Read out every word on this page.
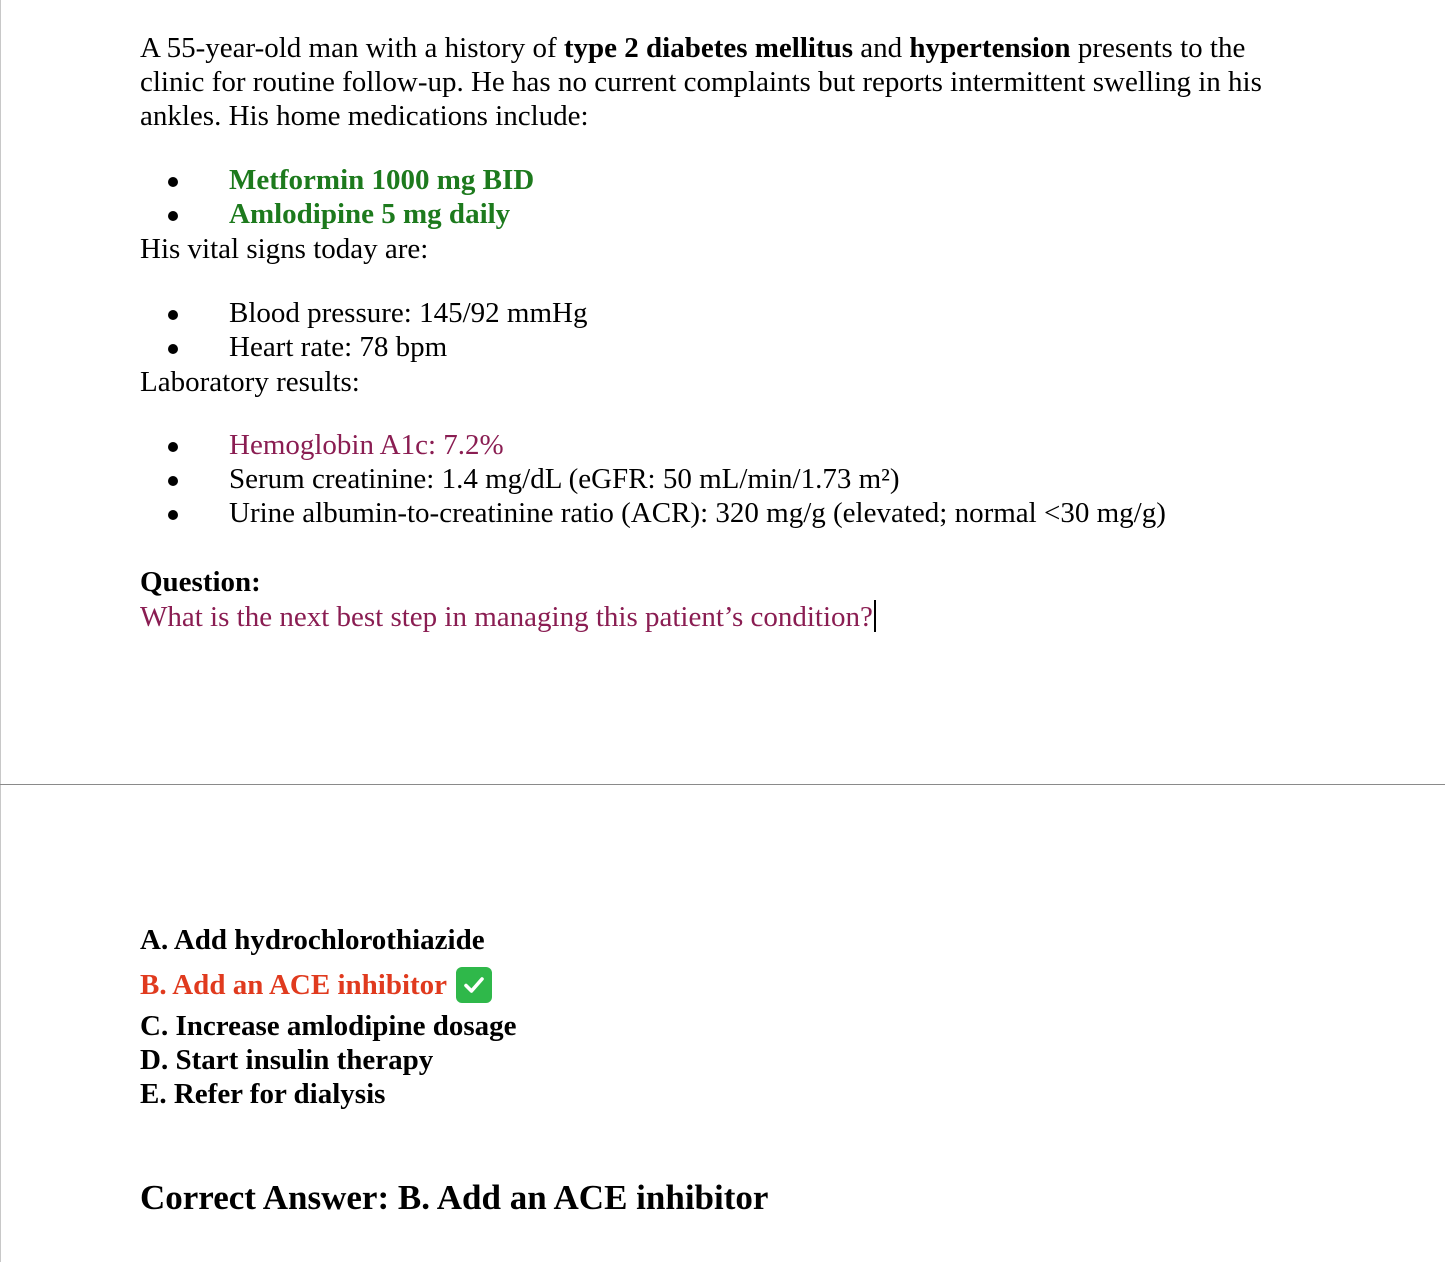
A 55-year-old man with a history of type 2 diabetes mellitus and hypertension presents to the clinic for routine follow-up. He has no current complaints but reports intermittent swelling in his ankles. His home medications include:
Metformin 1000 mg BID
Amlodipine 5 mg daily
His vital signs today are:
Blood pressure: 145/92 mmHg
Heart rate: 78 bpm
Laboratory results:
Hemoglobin A1c: 7.2%
Serum creatinine: 1.4 mg/dL (eGFR: 50 mL/min/1.73 m²)
Urine albumin-to-creatinine ratio (ACR): 320 mg/g (elevated; normal <30 mg/g)
Question:
What is the next best step in managing this patient’s condition?
A. Add hydrochlorothiazide
B. Add an ACE inhibitor
C. Increase amlodipine dosage
D. Start insulin therapy
E. Refer for dialysis
Correct Answer: B. Add an ACE inhibitor
